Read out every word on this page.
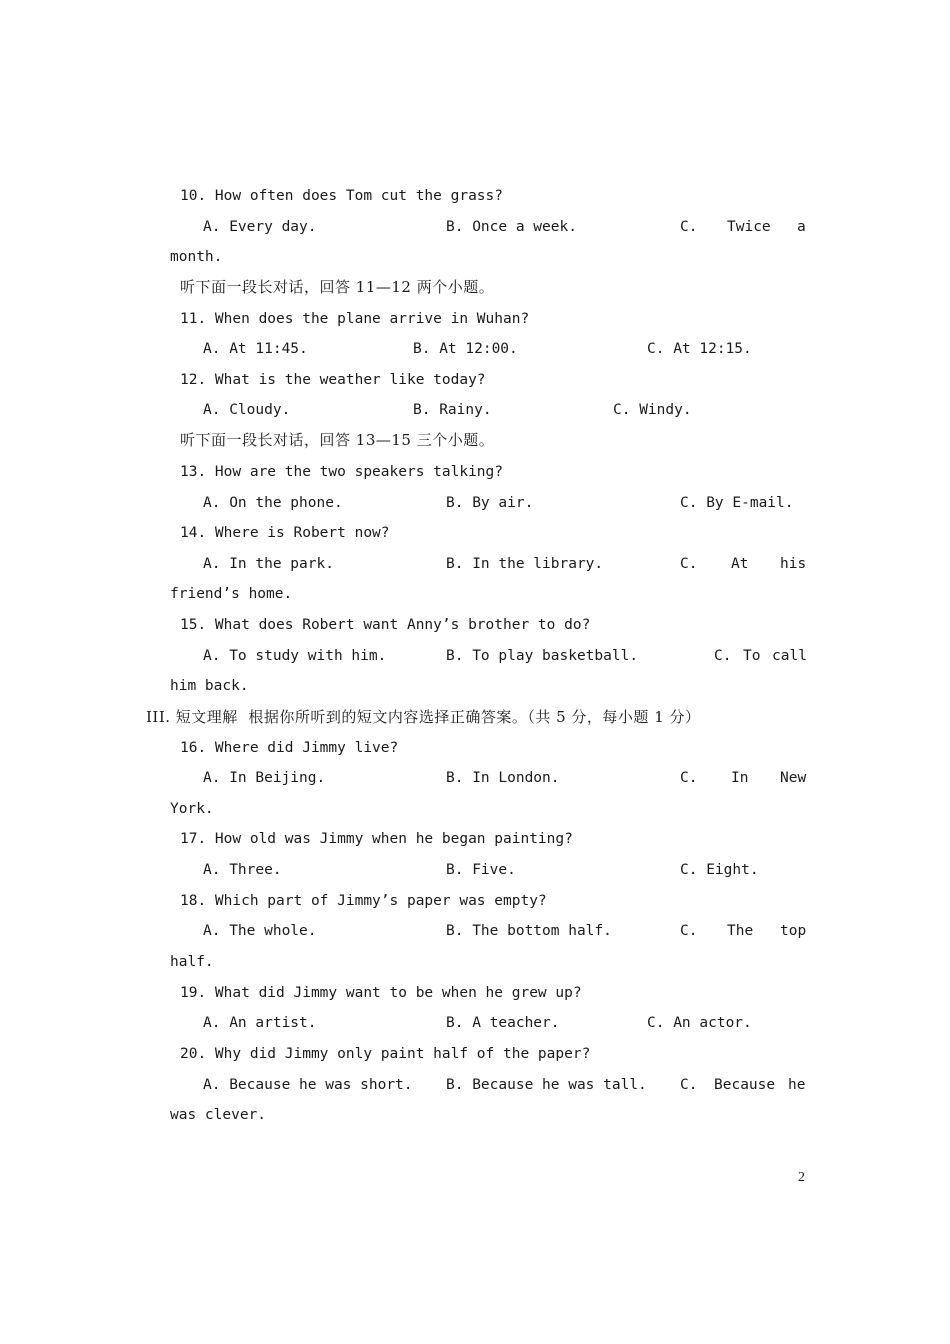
10. How often does Tom cut the grass?
A. Every day.	B. Once a week.	C. Twice a
month.
听下面一段长对话，回答 11—12 两个小题。
11. When does the plane arrive in Wuhan?
A. At 11:45.	B. At 12:00.	C. At 12:15.
12. What is the weather like today?
A. Cloudy.	B. Rainy.	C. Windy.
听下面一段长对话，回答 13—15 三个小题。
13. How are the two speakers talking?
A. On the phone.	B. By air.	C. By E-mail.
14. Where is Robert now?
A. In the park.	B. In the library.	C. At his
friend’s home.
15. What does Robert want Anny’s brother to do?
A. To study with him.	B. To play basketball.	C. To call
him back.
III. 短文理解  根据你所听到的短文内容选择正确答案。（共 5 分，每小题 1 分）
16. Where did Jimmy live?
A. In Beijing.	B. In London.	C. In New
York.
17. How old was Jimmy when he began painting?
A. Three.	B. Five.	C. Eight.
18. Which part of Jimmy’s paper was empty?
A. The whole.	B. The bottom half.	C. The top
half.
19. What did Jimmy want to be when he grew up?
A. An artist.	B. A teacher.	C. An actor.
20. Why did Jimmy only paint half of the paper?
A. Because he was short. B. Because he was tall. C. Because he
was clever.
2
